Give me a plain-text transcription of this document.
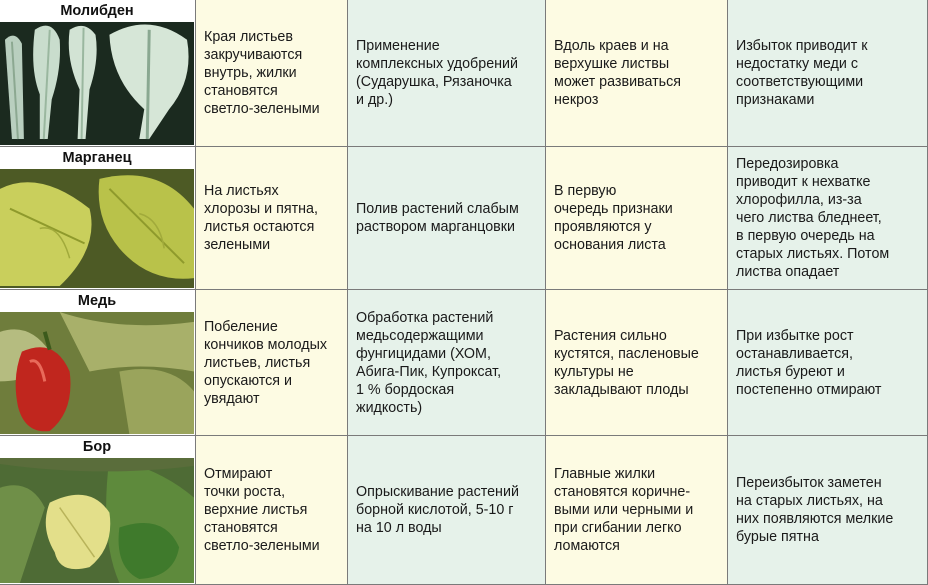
Молибден
Края листьев
закручиваются
внутрь, жилки
становятся
светло-зелеными
Применение
комплексных удобрений
(Сударушка, Рязаночка
и др.)
Вдоль краев и на
верхушке листвы
может развиваться
некроз
Избыток приводит к
недостатку меди с
соответствующими
признаками
Марганец
На листьях
хлорозы и пятна,
листья остаются
зелеными
Полив растений слабым
раствором марганцовки
В первую
очередь признаки
проявляются у
основания листа
Передозировка
приводит к нехватке
хлорофилла, из-за
чего листва бледнеет,
в первую очередь на
старых листьях. Потом
листва опадает
Медь
Побеление
кончиков молодых
листьев, листья
опускаются и
увядают
Обработка растений
медьсодержащими
фунгицидами (ХОМ,
Абига-Пик, Купроксат,
1 % бордоская
жидкость)
Растения сильно
кустятся, пасленовые
культуры не
закладывают плоды
При избытке рост
останавливается,
листья буреют и
постепенно отмирают
Бор
Отмирают
точки роста,
верхние листья
становятся
светло-зелеными
Опрыскивание растений
борной кислотой, 5-10 г
на 10 л воды
Главные жилки
становятся коричне-
выми или черными и
при сгибании легко
ломаются
Переизбыток заметен
на старых листьях, на
них появляются мелкие
бурые пятна
